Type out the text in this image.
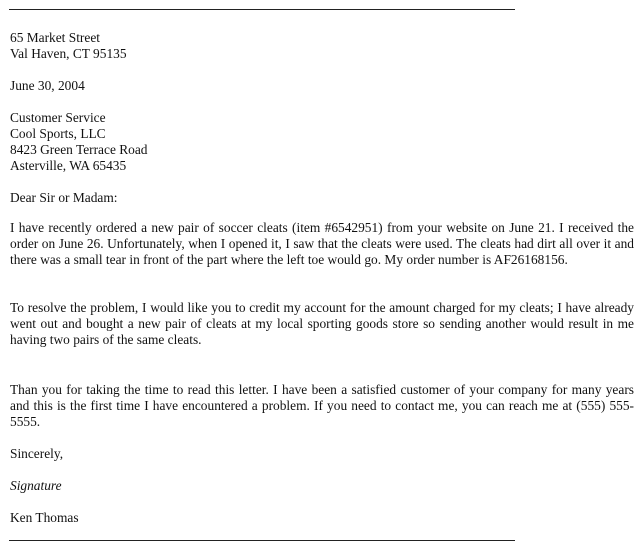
65 Market Street
Val Haven, CT 95135
June 30, 2004
Customer Service
Cool Sports, LLC
8423 Green Terrace Road
Asterville, WA 65435
Dear Sir or Madam:
I have recently ordered a new pair of soccer cleats (item #6542951) from your website on June 21. I received the order on June 26. Unfortunately, when I opened it, I saw that the cleats were used. The cleats had dirt all over it and there was a small tear in front of the part where the left toe would go. My order number is AF26168156.
To resolve the problem, I would like you to credit my account for the amount charged for my cleats; I have already went out and bought a new pair of cleats at my local sporting goods store so sending another would result in me having two pairs of the same cleats.
Than you for taking the time to read this letter. I have been a satisfied customer of your company for many years and this is the first time I have encountered a problem. If you need to contact me, you can reach me at (555) 555-5555.
Sincerely,
Signature
Ken Thomas
